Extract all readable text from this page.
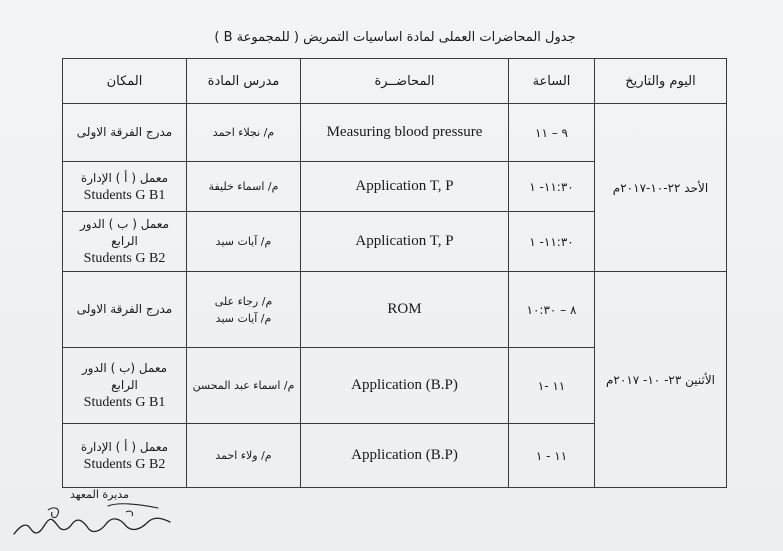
جدول المحاضرات العملى لمادة اساسيات التمريض ( للمجموعة B )
اليوم والتاريخ	الساعة	المحاضــرة	مدرس المادة	المكان
الأحد ٢٢-١٠-٢٠١٧م	٩ – ١١	Measuring blood pressure	م/ نجلاء احمد	مدرج الفرقة الاولى

	١١:٣٠- ١	Application T, P	م/ اسماء خليفة	معمل ( أ ) الإدارة
Students G B1

	١١:٣٠- ١	Application T, P	م/ آيات سيد	معمل ( ب ) الدور الرابع
Students G B2

الأثنين ٢٣- ١٠- ٢٠١٧م	٨ – ١٠:٣٠	ROM	م/ رجاء على
م/ آيات سيد	مدرج الفرقة الاولى

	١١ -١	Application (B.P)	م/ اسماء عبد المحسن	معمل (ب ) الدور الرابع
Students G B1

	١١ - ١	Application (B.P)	م/ ولاء احمد	معمل ( أ ) الإدارة
Students G B2
مديرة المعهد
